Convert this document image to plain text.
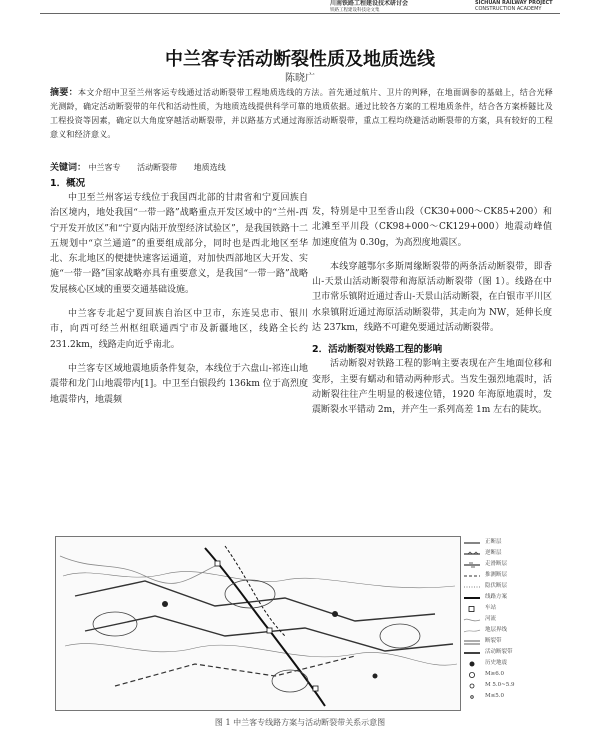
川南铁路工程建设技术研讨会
铁路工程建设科技论文集
SICHUAN RAILWAY PROJECT
CONSTRUCTION ACADEMY
中兰客专活动断裂性质及地质选线
陈晓广
摘要：本文介绍中卫至兰州客运专线通过活动断裂带工程地质选线的方法。首先通过航片、卫片的判释，在地面调参的基础上，结合光释光测龄，确定活动断裂带的年代和活动性质，为地质选线提供科学可靠的地质依据。通过比较各方案的工程地质条件，结合各方案桥隧比及工程投资等因素，确定以大角度穿越活动断裂带，并以路基方式通过海原活动断裂带，重点工程均绕避活动断裂带的方案，具有较好的工程意义和经济意义。
关键词： 中兰客专 活动断裂带 地质选线
1．概况

中卫至兰州客运专线位于我国西北部的甘肃省和宁夏回族自治区境内，地处我国“一带一路”战略重点开发区域中的“兰州-西宁开发开放区”和“宁夏内陆开放型经济试验区”，是我国铁路十二五规划中“京兰通道”的重要组成部分，同时也是西北地区至华北、东北地区的便捷快速客运通道，对加快西部地区大开发、实施“一带一路”国家战略亦具有重要意义，是我国“一带一路”战略发展核心区域的重要交通基础设施。

中兰客专北起宁夏回族自治区中卫市，东连吴忠市、银川市，向西可经兰州枢纽联通西宁市及新疆地区，线路全长约 231.2km，线路走向近乎南北。

中兰客专区域地震地质条件复杂，本线位于六盘山-祁连山地震带和龙门山地震带内[1]。中卫至白银段约 136km 位于高烈度地震带内，地震频

发，特别是中卫至香山段（CK30+000～CK85+200）和北滩至平川段（CK98+000～CK129+000）地震动峰值加速度值为 0.30g，为高烈度地震区。

本线穿越鄂尔多斯周缘断裂带的两条活动断裂带，即香山-天景山活动断裂带和海原活动断裂带（图 1）。线路在中卫市常乐镇附近通过香山-天景山活动断裂，在白银市平川区水泉镇附近通过海原活动断裂带，其走向为 NW，延伸长度达 237km，线路不可避免要通过活动断裂带。

2．活动断裂对铁路工程的影响

活动断裂对铁路工程的影响主要表现在产生地面位移和变形，主要有蠕动和错动两种形式。当发生强烈地震时，活动断裂往往产生明显的极速位错，1920 年海原地震时，发震断裂水平错动 2m，并产生一系列高差 1m 左右的陡坎。

正断层
逆断层
走滑断层
推测断层
隐伏断层
线路方案
车站
河流
地层界线
断裂带
活动断裂带
历史地震
M≥6.0
M 5.0~5.9
M≤5.0
图 1 中兰客专线路方案与活动断裂带关系示意图
